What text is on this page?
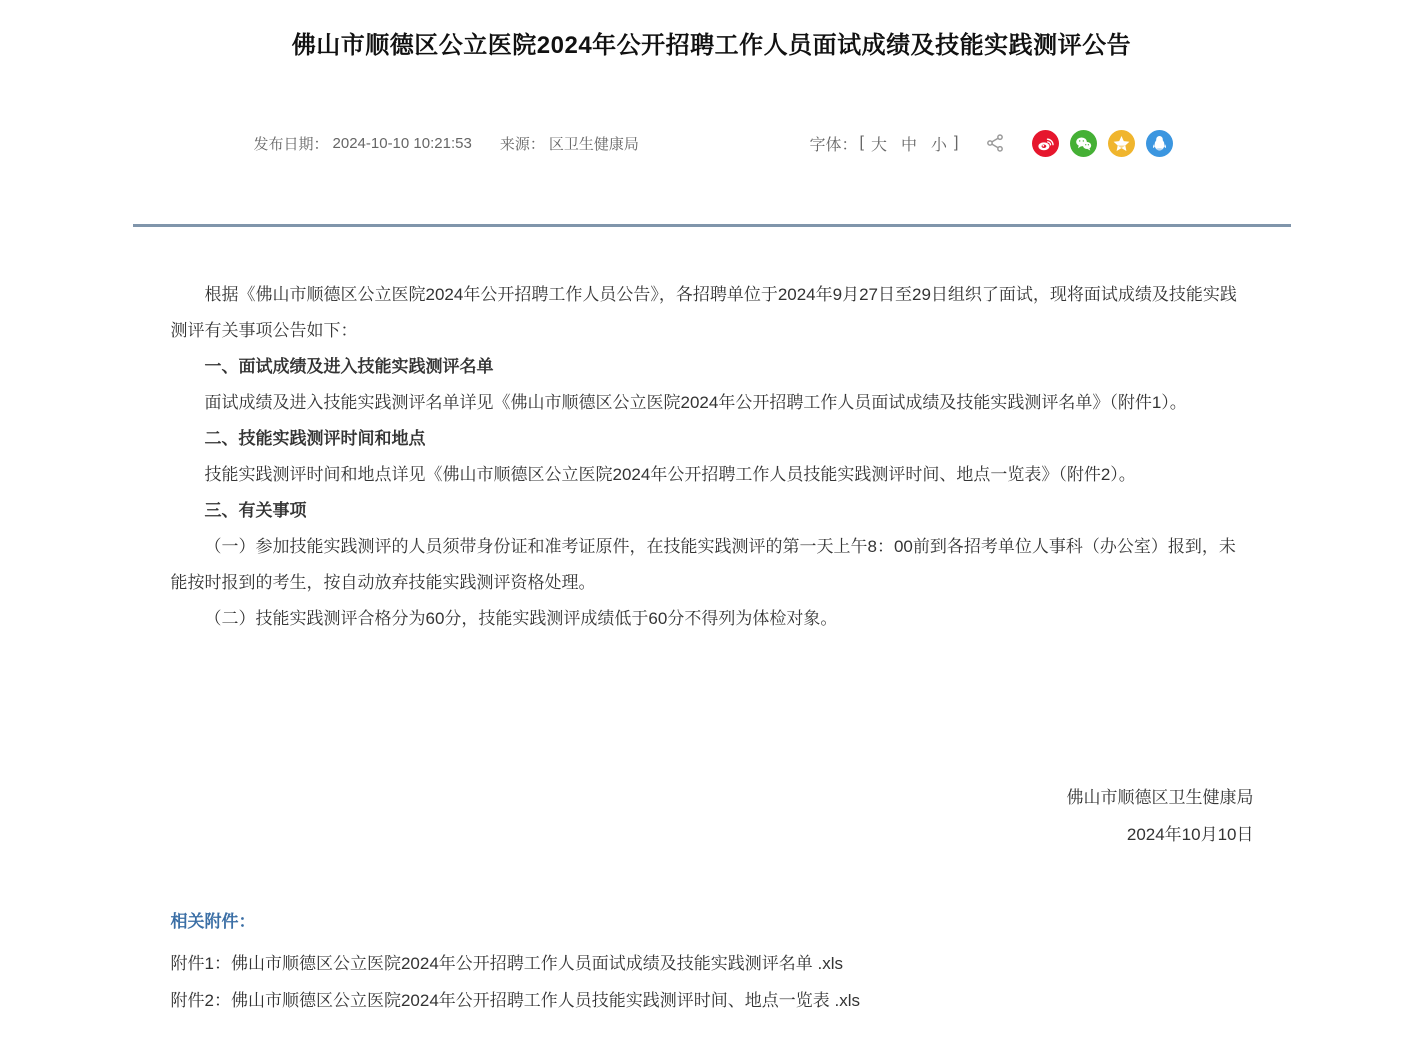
佛山市顺德区公立医院2024年公开招聘工作人员面试成绩及技能实践测评公告
发布日期： 2024-10-10 10:21:53 来源： 区卫生健康局	字体： [ 大 中 小 ]

根据《佛山市顺德区公立医院2024年公开招聘工作人员公告》，各招聘单位于2024年9月27日至29日组织了面试，现将面试成绩及技能实践测评有关事项公告如下：

一、面试成绩及进入技能实践测评名单

面试成绩及进入技能实践测评名单详见《佛山市顺德区公立医院2024年公开招聘工作人员面试成绩及技能实践测评名单》（附件1）。

二、技能实践测评时间和地点

技能实践测评时间和地点详见《佛山市顺德区公立医院2024年公开招聘工作人员技能实践测评时间、地点一览表》（附件2）。

三、有关事项

（一）参加技能实践测评的人员须带身份证和准考证原件，在技能实践测评的第一天上午8：00前到各招考单位人事科（办公室）报到，未能按时报到的考生，按自动放弃技能实践测评资格处理。

（二）技能实践测评合格分为60分，技能实践测评成绩低于60分不得列为体检对象。

佛山市顺德区卫生健康局
2024年10月10日
相关附件：
附件1：佛山市顺德区公立医院2024年公开招聘工作人员面试成绩及技能实践测评名单 .xls
附件2：佛山市顺德区公立医院2024年公开招聘工作人员技能实践测评时间、地点一览表 .xls
